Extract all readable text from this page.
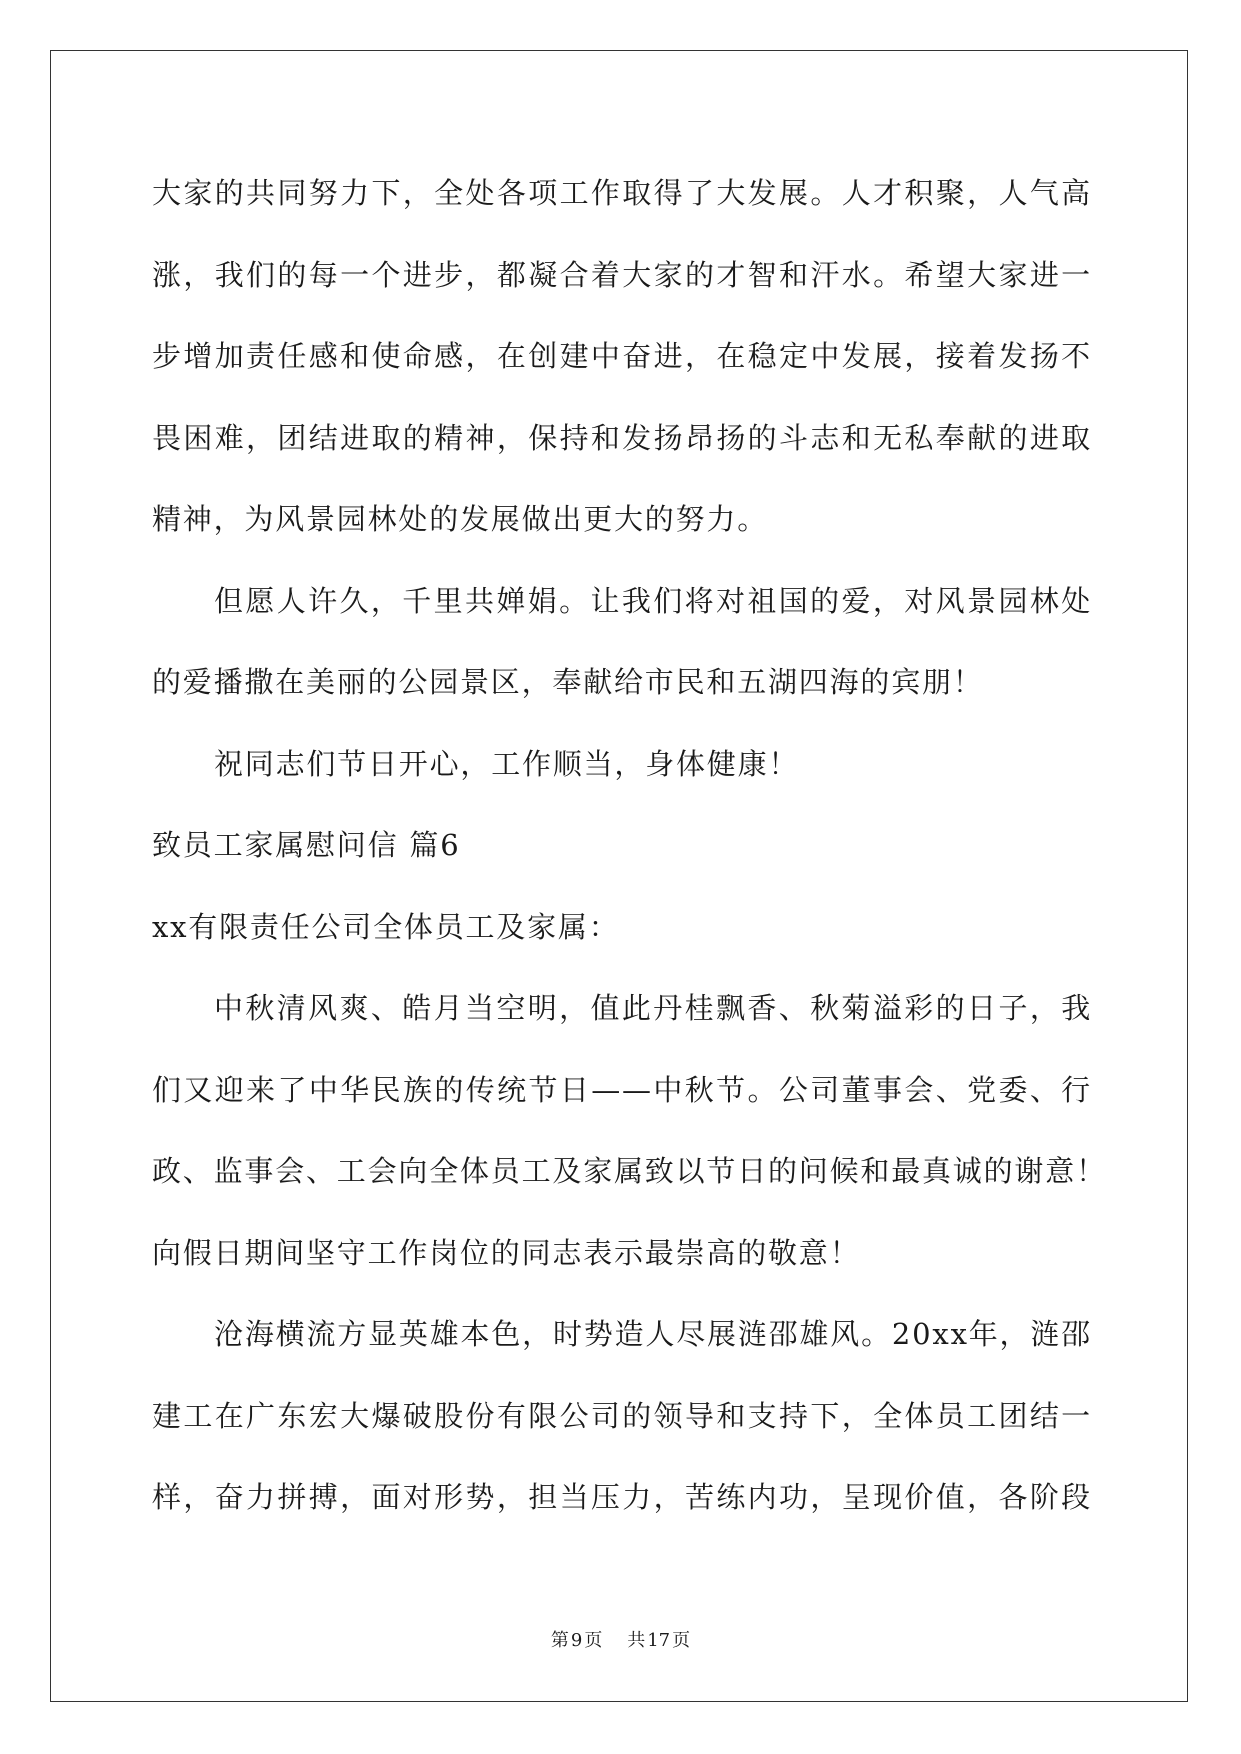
大家的共同努力下，全处各项工作取得了大发展。人才积聚，人气高
涨，我们的每一个进步，都凝合着大家的才智和汗水。希望大家进一
步增加责任感和使命感，在创建中奋进，在稳定中发展，接着发扬不
畏困难，团结进取的精神，保持和发扬昂扬的斗志和无私奉献的进取
精神，为风景园林处的发展做出更大的努力。
但愿人许久，千里共婵娟。让我们将对祖国的爱，对风景园林处
的爱播撒在美丽的公园景区，奉献给市民和五湖四海的宾朋！
祝同志们节日开心，工作顺当，身体健康！
致员工家属慰问信 篇6
xx有限责任公司全体员工及家属：
中秋清风爽、皓月当空明，值此丹桂飘香、秋菊溢彩的日子，我
们又迎来了中华民族的传统节日——中秋节。公司董事会、党委、行
政、监事会、工会向全体员工及家属致以节日的问候和最真诚的谢意！
向假日期间坚守工作岗位的同志表示最崇高的敬意！
沧海横流方显英雄本色，时势造人尽展涟邵雄风。20xx年，涟邵
建工在广东宏大爆破股份有限公司的领导和支持下，全体员工团结一
样，奋力拼搏，面对形势，担当压力，苦练内功，呈现价值，各阶段
第 9 页 共 17 页
